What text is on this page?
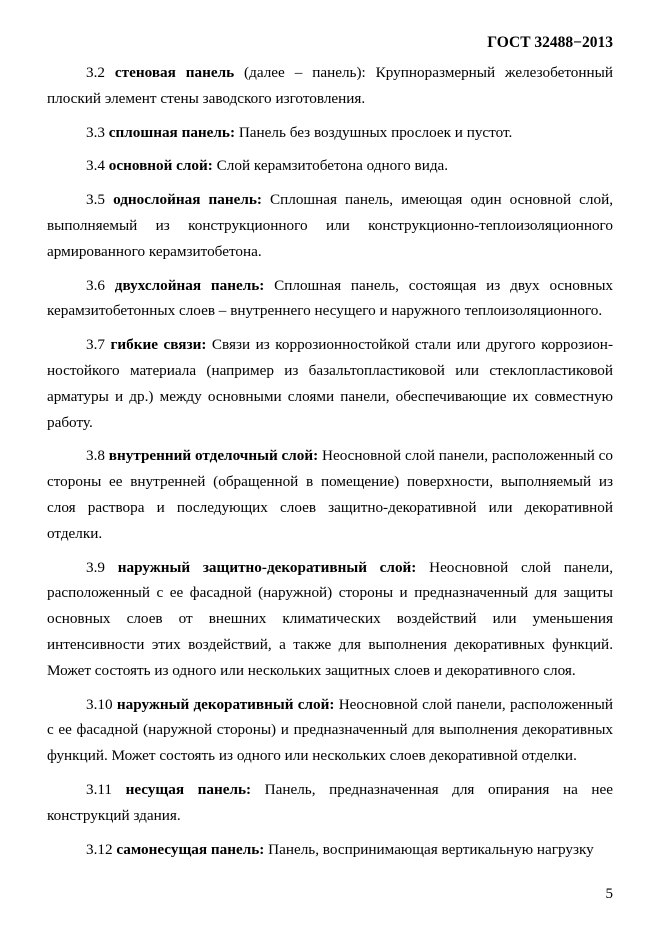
ГОСТ 32488−2013

3.2 стеновая панель (далее – панель): Крупноразмерный железобетонный плоский элемент стены заводского изготовления.

3.3 сплошная панель: Панель без воздушных прослоек и пустот.

3.4 основной слой: Слой керамзитобетона одного вида.

3.5 однослойная панель: Сплошная панель, имеющая один основной слой, выполняемый из конструкционного или конструкционно-теплоизоляционного армированного керамзитобетона.

3.6 двухслойная панель: Сплошная панель, состоящая из двух основных керамзитобетонных слоев – внутреннего несущего и наружного теплоизоляционного.

3.7 гибкие связи: Связи из коррозионностойкой стали или другого коррозионностойкого материала (например из базальтопластиковой или стеклопластиковой арматуры и др.) между основными слоями панели, обеспечивающие их совместную работу.

3.8 внутренний отделочный слой: Неосновной слой панели, расположенный со стороны ее внутренней (обращенной в помещение) поверхности, выполняемый из слоя раствора и последующих слоев защитно-декоративной или декоративной отделки.

3.9 наружный защитно-декоративный слой: Неосновной слой панели, расположенный с ее фасадной (наружной) стороны и предназначенный для защиты основных слоев от внешних климатических воздействий или уменьшения интенсивности этих воздействий, а также для выполнения декоративных функций. Может состоять из одного или нескольких защитных слоев и декоративного слоя.

3.10 наружный декоративный слой: Неосновной слой панели, расположенный с ее фасадной (наружной стороны) и предназначенный для выполнения декоративных функций. Может состоять из одного или нескольких слоев декоративной отделки.

3.11 несущая панель: Панель, предназначенная для опирания на нее конструкций здания.

3.12 самонесущая панель: Панель, воспринимающая вертикальную нагрузку

5
